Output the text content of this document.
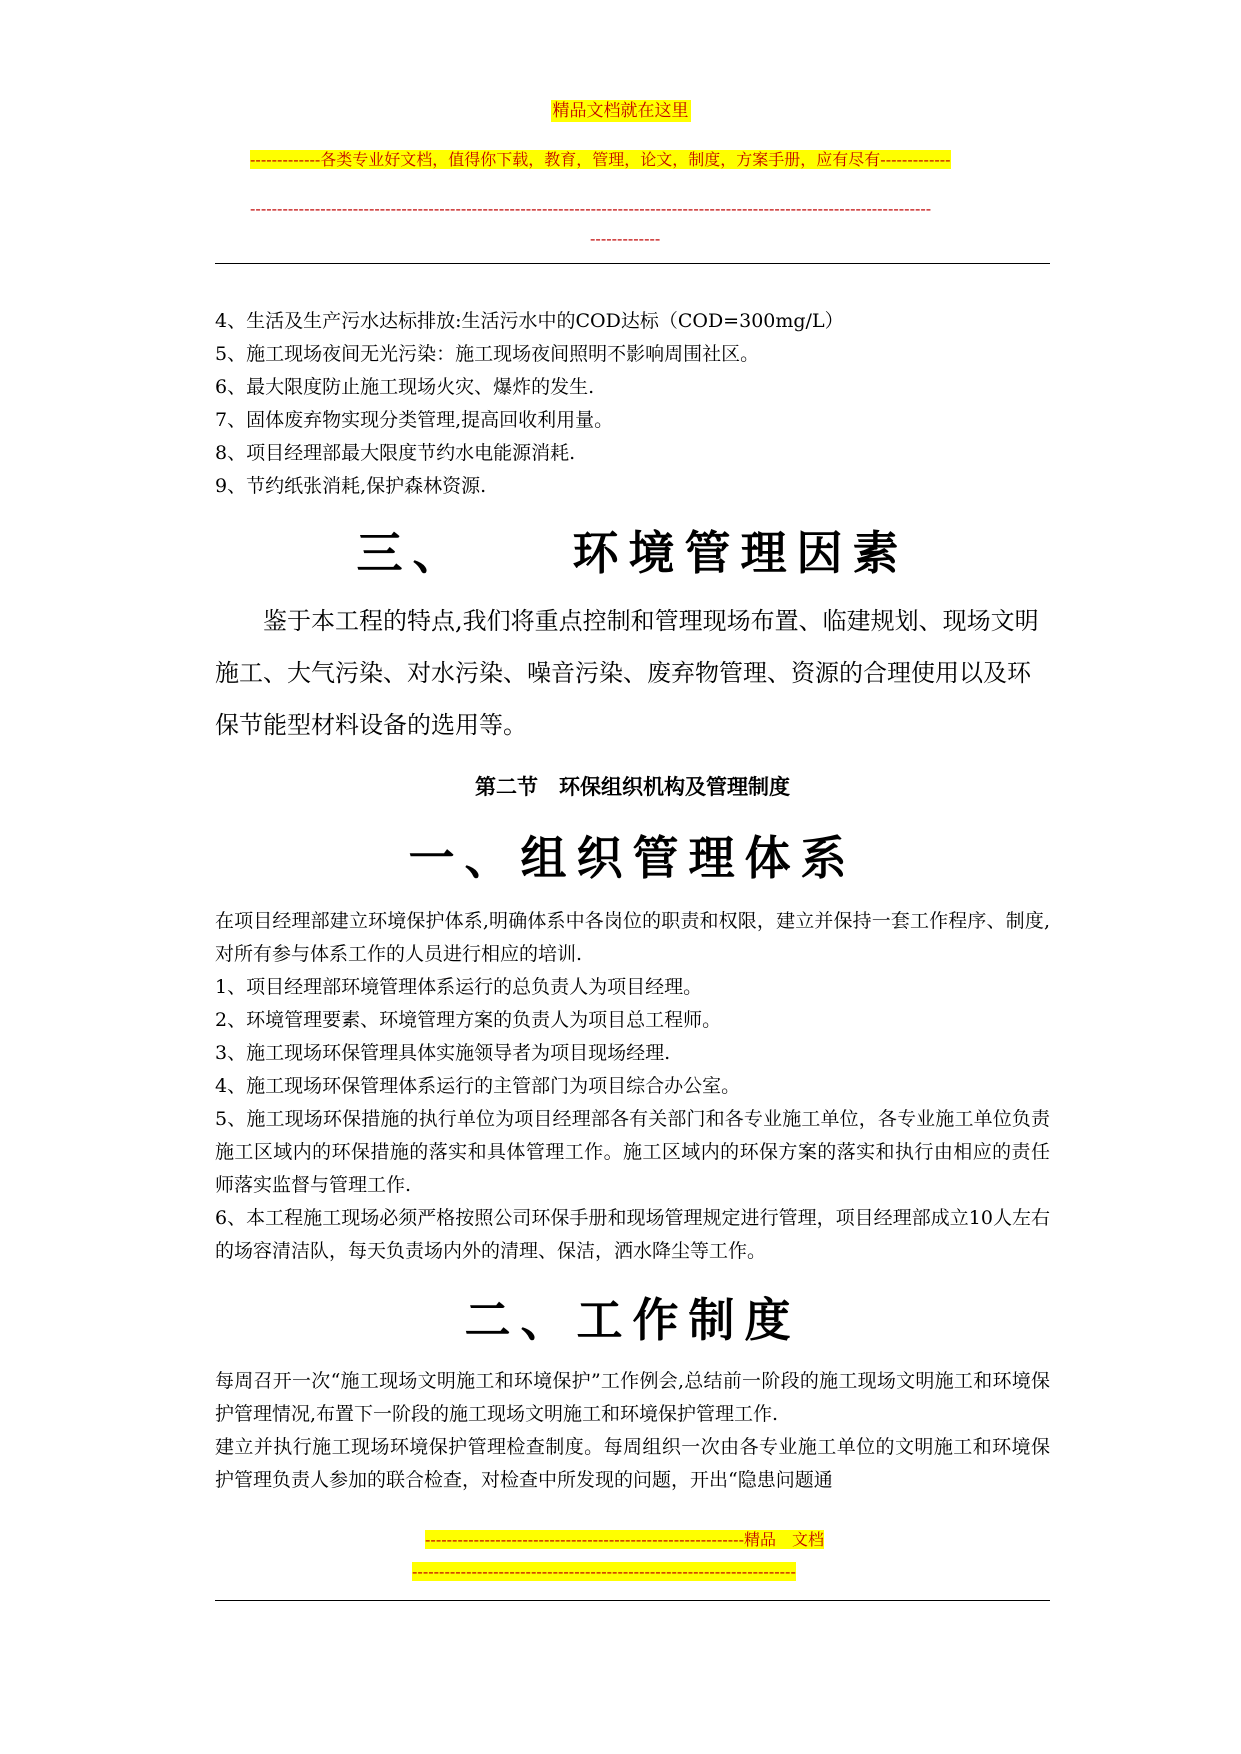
精品文档就在这里
-------------各类专业好文档，值得你下载，教育，管理，论文，制度，方案手册，应有尽有-------------
------------------------------------------------------------------------------------------------------------------------------
-------------
4、生活及生产污水达标排放:生活污水中的COD达标（COD=300mg/L）
5、施工现场夜间无光污染：施工现场夜间照明不影响周围社区。
6、最大限度防止施工现场火灾、爆炸的发生.
7、固体废弃物实现分类管理,提高回收利用量。
8、项目经理部最大限度节约水电能源消耗.
9、节约纸张消耗,保护森林资源.
三、    环境管理因素

鉴于本工程的特点,我们将重点控制和管理现场布置、临建规划、现场文明施工、大气污染、对水污染、噪音污染、废弃物管理、资源的合理使用以及环保节能型材料设备的选用等。

第二节　环保组织机构及管理制度
一、组织管理体系

在项目经理部建立环境保护体系,明确体系中各岗位的职责和权限，建立并保持一套工作程序、制度,对所有参与体系工作的人员进行相应的培训.

1、项目经理部环境管理体系运行的总负责人为项目经理。

2、环境管理要素、环境管理方案的负责人为项目总工程师。

3、施工现场环保管理具体实施领导者为项目现场经理.

4、施工现场环保管理体系运行的主管部门为项目综合办公室。

5、施工现场环保措施的执行单位为项目经理部各有关部门和各专业施工单位，各专业施工单位负责施工区域内的环保措施的落实和具体管理工作。施工区域内的环保方案的落实和执行由相应的责任师落实监督与管理工作.

6、本工程施工现场必须严格按照公司环保手册和现场管理规定进行管理，项目经理部成立10人左右的场容清洁队，每天负责场内外的清理、保洁，洒水降尘等工作。

二、工作制度

每周召开一次“施工现场文明施工和环境保护”工作例会,总结前一阶段的施工现场文明施工和环境保护管理情况,布置下一阶段的施工现场文明施工和环境保护管理工作.

建立并执行施工现场环境保护管理检查制度。每周组织一次由各专业施工单位的文明施工和环境保护管理负责人参加的联合检查，对检查中所发现的问题，开出“隐患问题通

-----------------------------------------------------------精品　文档
-----------------------------------------------------------------------
